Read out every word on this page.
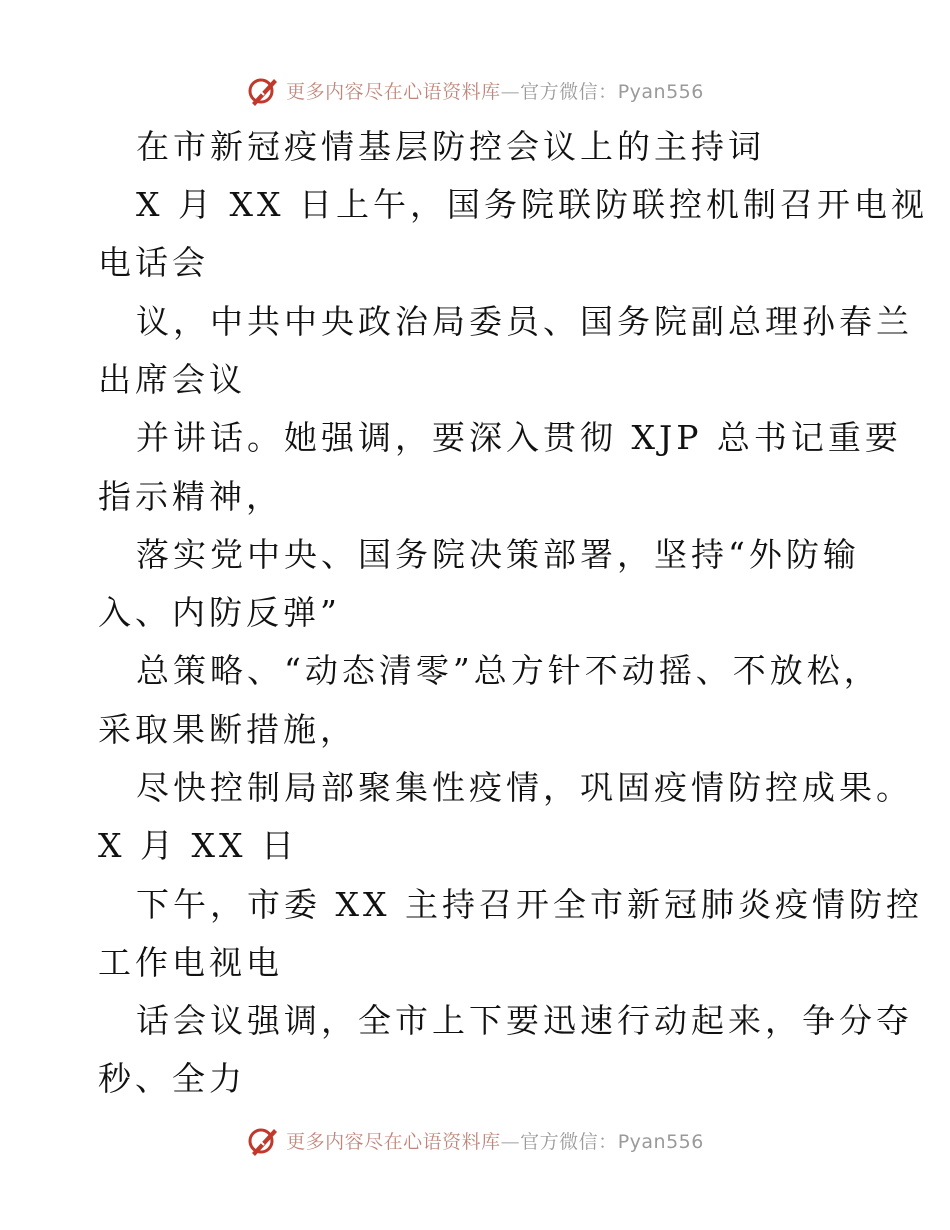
更多内容尽在心语资料库—官方微信：Pyan556
在市新冠疫情基层防控会议上的主持词
X 月 XX 日上午，国务院联防联控机制召开电视
电话会
议，中共中央政治局委员、国务院副总理孙春兰
出席会议
并讲话。她强调，要深入贯彻 XJP 总书记重要
指示精神，
落实党中央、国务院决策部署，坚持“外防输
入、内防反弹”
总策略、“动态清零”总方针不动摇、不放松，
采取果断措施，
尽快控制局部聚集性疫情，巩固疫情防控成果。
X 月 XX 日
下午，市委 XX 主持召开全市新冠肺炎疫情防控
工作电视电
话会议强调，全市上下要迅速行动起来，争分夺
秒、全力
更多内容尽在心语资料库—官方微信：Pyan556
